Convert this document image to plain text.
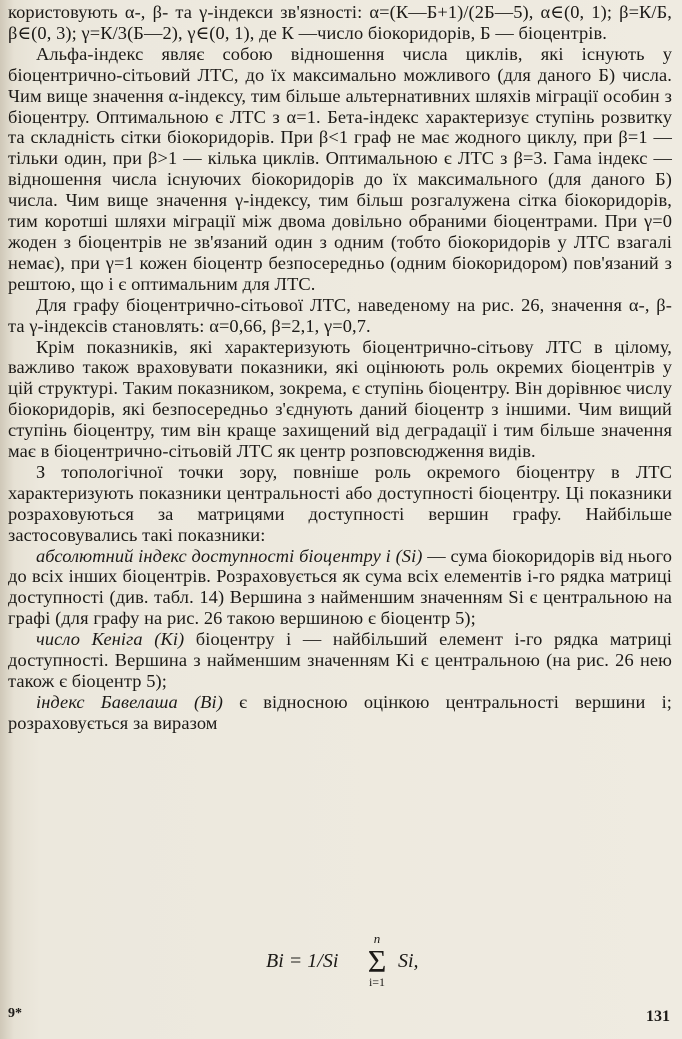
користовують α-, β- та γ-індекси зв'язності: α=(К—Б+1)/(2Б—5), α∈(0, 1); β=К/Б, β∈(0, 3); γ=К/3(Б—2), γ∈(0, 1), де К —число біокоридорів, Б — біоцентрів.

Альфа-індекс являє собою відношення числа циклів, які існують у біоцентрично-сітьовий ЛТС, до їх максимально можливого (для даного Б) числа. Чим вище значення α-індексу, тим більше альтернативних шляхів міграції особин з біоцентру. Оптимальною є ЛТС з α=1. Бета-індекс характеризує ступінь розвитку та складність сітки біокоридорів. При β<1 граф не має жодного циклу, при β=1 — тільки один, при β>1 — кілька циклів. Оптимальною є ЛТС з β=3. Гама індекс — відношення числа існуючих біокоридорів до їх максимального (для даного Б) числа. Чим вище значення γ-індексу, тим більш розгалужена сітка біокоридорів, тим коротші шляхи міграції між двома довільно обраними біоцентрами. При γ=0 жоден з біоцентрів не зв'язаний один з одним (тобто біокоридорів у ЛТС взагалі немає), при γ=1 кожен біоцентр безпосередньо (одним біокоридором) пов'язаний з рештою, що і є оптимальним для ЛТС.

Для графу біоцентрично-сітьової ЛТС, наведеному на рис. 26, значення α-, β- та γ-індексів становлять: α=0,66, β=2,1, γ=0,7.

Крім показників, які характеризують біоцентрично-сітьову ЛТС в цілому, важливо також враховувати показники, які оцінюють роль окремих біоцентрів у цій структурі. Таким показником, зокрема, є ступінь біоцентру. Він дорівнює числу біокоридорів, які безпосередньо з'єднують даний біоцентр з іншими. Чим вищий ступінь біоцентру, тим він краще захищений від деградації і тим більше значення має в біоцентрично-сітьовій ЛТС як центр розповсюдження видів.

З топологічної точки зору, повніше роль окремого біоцентру в ЛТС характеризують показники центральності або доступності біоцентру. Ці показники розраховуються за матрицями доступності вершин графу. Найбільше застосовувались такі показники:

абсолютний індекс доступності біоцентру i (Si) — сума біокоридорів від нього до всіх інших біоцентрів. Розраховується як сума всіх елементів i-го рядка матриці доступності (див. табл. 14) Вершина з найменшим значенням Si є центральною на графі (для графу на рис. 26 такою вершиною є біоцентр 5);

число Кеніга (Ki) біоцентру i — найбільший елемент i-го рядка матриці доступності. Вершина з найменшим значенням Ki є центральною (на рис. 26 нею також є біоцентр 5);

індекс Бавелаша (Bi) є відносною оцінкою центральності вершини i; розраховується за виразом

Bi = 1/Si
n
Σ
i=1
Si,
9*	131
